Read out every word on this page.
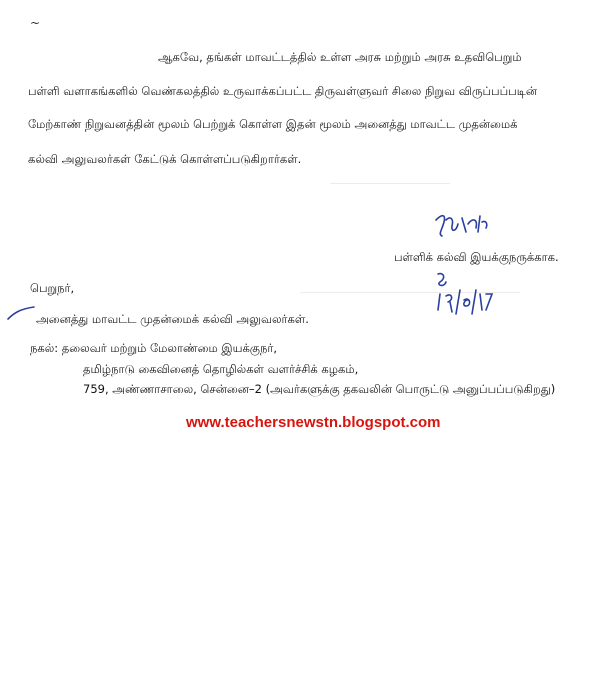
~
ஆகவே, தங்கள் மாவட்டத்தில் உள்ள அரசு மற்றும் அரசு உதவிபெறும்
பள்ளி வளாகங்களில் வெண்கலத்தில் உருவாக்கப்பட்ட திருவள்ளுவர் சிலை நிறுவ விருப்பப்படின்
மேற்காண் நிறுவனத்தின் மூலம் பெற்றுக் கொள்ள இதன் மூலம் அனைத்து மாவட்ட முதன்மைக்
கல்வி அலுவலர்கள் கேட்டுக் கொள்ளப்படுகிறார்கள்.
பள்ளிக் கல்வி இயக்குநருக்காக.
பெறுநர்,
அனைத்து மாவட்ட முதன்மைக் கல்வி அலுவலர்கள்.
நகல்: தலைவர் மற்றும் மேலாண்மை இயக்குநர்,
தமிழ்நாடு கைவினைத் தொழில்கள் வளர்ச்சிக் கழகம்,
759, அண்ணாசாலை, சென்னை–2 (அவர்களுக்கு தகவலின் பொருட்டு அனுப்பப்படுகிறது)
www.teachersnewstn.blogspot.com
